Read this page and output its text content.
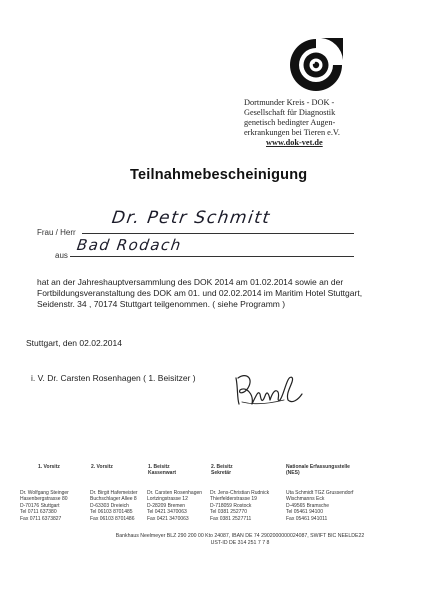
Dortmunder Kreis - DOK -
Gesellschaft für Diagnostik
genetisch bedingter Augen-
erkrankungen bei Tieren e.V.
www.dok-vet.de
Teilnahmebescheinigung
Frau / Herr
Dr. Petr Schmitt
aus
Bad Rodach
hat an der Jahreshauptversammlung des DOK 2014 am 01.02.2014 sowie an der
Fortbildungsveranstaltung des DOK am 01. und 02.02.2014 im Maritim Hotel Stuttgart,
Seidenstr. 34 , 70174 Stuttgart teilgenommen. ( siehe Programm )
Stuttgart, den 02.02.2014
i. V. Dr. Carsten Rosenhagen ( 1. Beisitzer )
1. Vorsitz
Dr. Wolfgang Steinger
Hasenbergstrasse 80
D-70176 Stuttgart
Tel 0711 637380
Fax 0711 6373827
2. Vorsitz
Dr. Birgit Hafemeister
Buchschlager Allee 8
D-63303 Dreieich
Tel 06103 8701485
Fax 06103 8701486
1. Beisitz
Kassenwart
Dr. Carsten Rosenhagen
Lortzingstrasse 12
D-28209 Bremen
Tel 0421 3470063
Fax 0421 3470063
2. Beisitz
Sekretär
Dr. Jens-Christian Rudnick
Thierfelderstrasse 19
D-718059 Rostock
Tel 0381 252770
Fax 0381 2527711
Nationale Erfassungsstelle
(NES)
Uta Schmidt TGZ Grussendorf
Wischmanns Eck
D-49565 Bramsche
Tel 05461 94100
Fax 05461 941011
Bankhaus Neelmeyer BLZ 290 200 00 Kto 24087, IBAN DE 74 2902000000024087, SWIFT BIC NEELDE22
UST-ID DE 314 251 7 7 8
